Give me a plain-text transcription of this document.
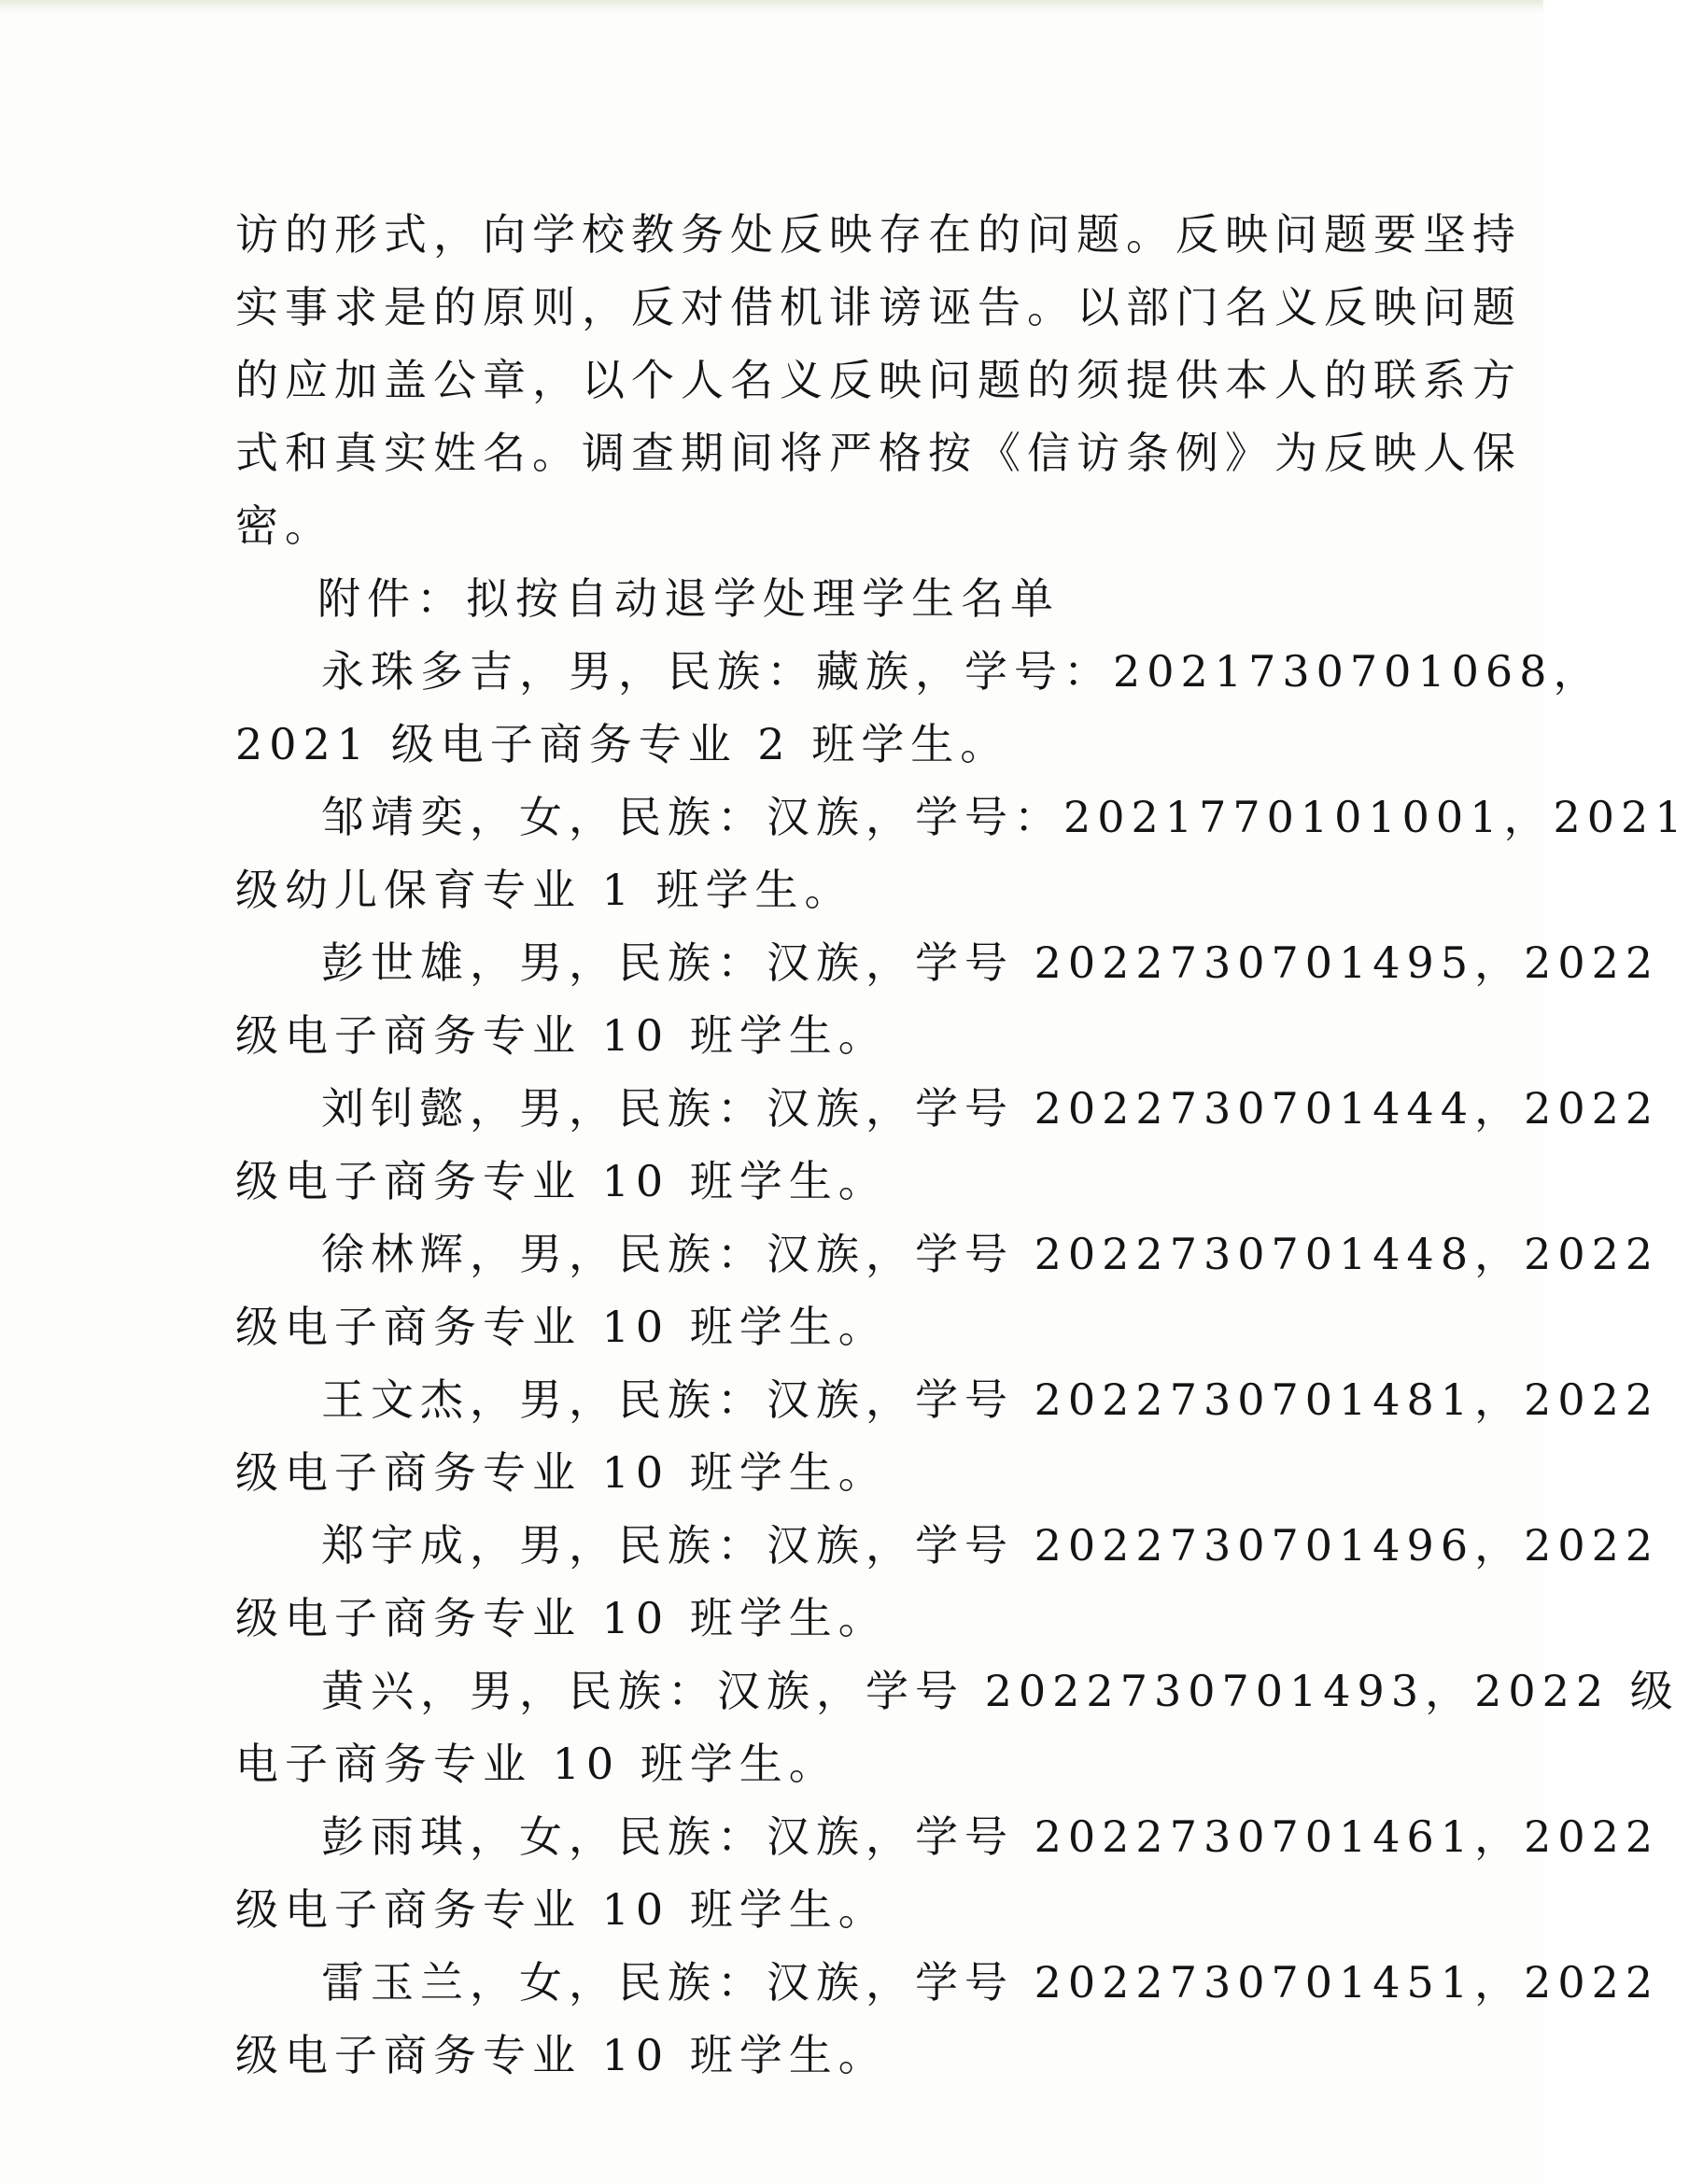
访的形式，向学校教务处反映存在的问题。反映问题要坚持
实事求是的原则，反对借机诽谤诬告。以部门名义反映问题
的应加盖公章，以个人名义反映问题的须提供本人的联系方
式和真实姓名。调查期间将严格按《信访条例》为反映人保
密。
附件：拟按自动退学处理学生名单
永珠多吉，男，民族：藏族，学号：2021730701068，
2021 级电子商务专业 2 班学生。
邹靖奕，女，民族：汉族，学号：2021770101001，2021
级幼儿保育专业 1 班学生。
彭世雄，男，民族：汉族，学号 2022730701495，2022
级电子商务专业 10 班学生。
刘钊懿，男，民族：汉族，学号 2022730701444，2022
级电子商务专业 10 班学生。
徐林辉，男，民族：汉族，学号 2022730701448，2022
级电子商务专业 10 班学生。
王文杰，男，民族：汉族，学号 2022730701481，2022
级电子商务专业 10 班学生。
郑宇成，男，民族：汉族，学号 2022730701496，2022
级电子商务专业 10 班学生。
黄兴，男，民族：汉族，学号 2022730701493，2022 级
电子商务专业 10 班学生。
彭雨琪，女，民族：汉族，学号 2022730701461，2022
级电子商务专业 10 班学生。
雷玉兰，女，民族：汉族，学号 2022730701451，2022
级电子商务专业 10 班学生。
